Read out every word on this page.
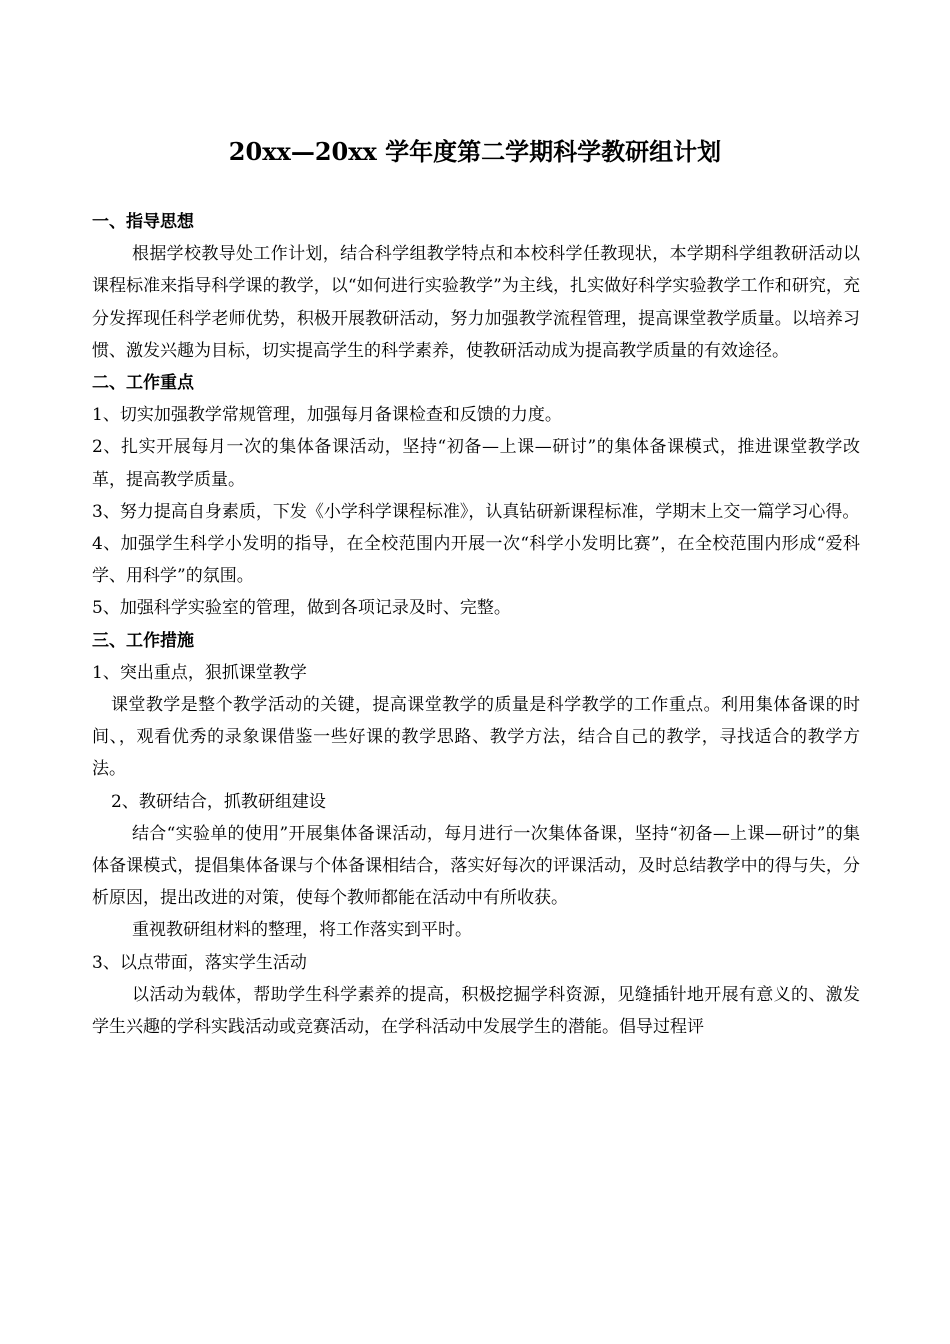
20xx—20xx 学年度第二学期科学教研组计划

一、指导思想

根据学校教导处工作计划，结合科学组教学特点和本校科学任教现状，本学期科学组教研活动以课程标准来指导科学课的教学，以“如何进行实验教学”为主线，扎实做好科学实验教学工作和研究，充分发挥现任科学老师优势，积极开展教研活动，努力加强教学流程管理，提高课堂教学质量。以培养习惯、激发兴趣为目标，切实提高学生的科学素养，使教研活动成为提高教学质量的有效途径。

二、工作重点

1、切实加强教学常规管理，加强每月备课检查和反馈的力度。

2、扎实开展每月一次的集体备课活动，坚持“初备—上课—研讨”的集体备课模式，推进课堂教学改革，提高教学质量。

3、努力提高自身素质，下发《小学科学课程标准》，认真钻研新课程标准，学期末上交一篇学习心得。

4、加强学生科学小发明的指导，在全校范围内开展一次“科学小发明比赛”，在全校范围内形成“爱科学、用科学”的氛围。

5、加强科学实验室的管理，做到各项记录及时、完整。

三、工作措施

1、突出重点，狠抓课堂教学

课堂教学是整个教学活动的关键，提高课堂教学的质量是科学教学的工作重点。利用集体备课的时间、，观看优秀的录象课借鉴一些好课的教学思路、教学方法，结合自己的教学，寻找适合的教学方法。

2、教研结合，抓教研组建设

结合“实验单的使用”开展集体备课活动，每月进行一次集体备课，坚持“初备—上课—研讨”的集体备课模式，提倡集体备课与个体备课相结合，落实好每次的评课活动，及时总结教学中的得与失，分析原因，提出改进的对策，使每个教师都能在活动中有所收获。

重视教研组材料的整理，将工作落实到平时。

3、以点带面，落实学生活动

以活动为载体，帮助学生科学素养的提高，积极挖掘学科资源，见缝插针地开展有意义的、激发学生兴趣的学科实践活动或竞赛活动，在学科活动中发展学生的潜能。倡导过程评
